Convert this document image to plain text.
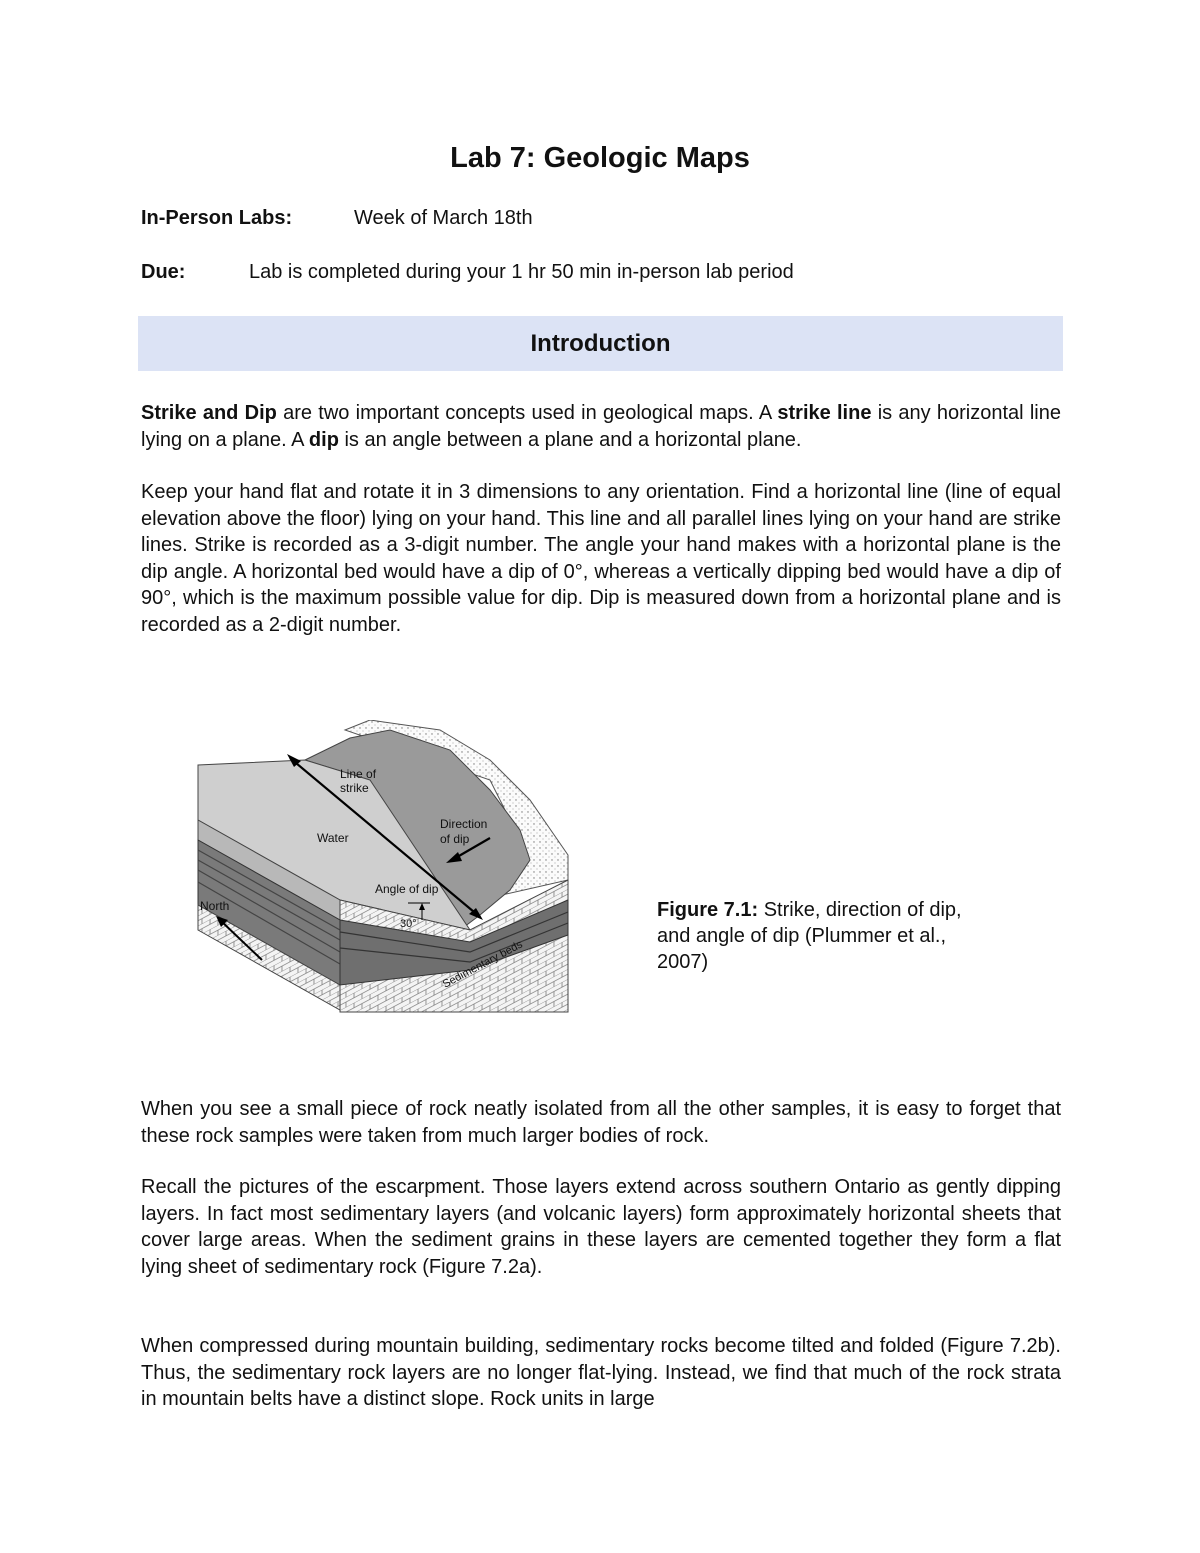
Lab 7: Geologic Maps
In-Person Labs:	Week of March 18th
Due:	Lab is completed during your 1 hr 50 min in-person lab period
Introduction

Strike and Dip are two important concepts used in geological maps. A strike line is any horizontal line lying on a plane. A dip is an angle between a plane and a horizontal plane.

Keep your hand flat and rotate it in 3 dimensions to any orientation. Find a horizontal line (line of equal elevation above the floor) lying on your hand. This line and all parallel lines lying on your hand are strike lines. Strike is recorded as a 3-digit number. The angle your hand makes with a horizontal plane is the dip angle. A horizontal bed would have a dip of 0°, whereas a vertically dipping bed would have a dip of 90°, which is the maximum possible value for dip. Dip is measured down from a horizontal plane and is recorded as a 2-digit number.

Line of
strike
Water
Direction
of dip
Angle of dip
30°
North
Sedimentary beds

Figure 7.1: Strike, direction of dip, and angle of dip (Plummer et al., 2007)

When you see a small piece of rock neatly isolated from all the other samples, it is easy to forget that these rock samples were taken from much larger bodies of rock.

Recall the pictures of the escarpment. Those layers extend across southern Ontario as gently dipping layers. In fact most sedimentary layers (and volcanic layers) form approximately horizontal sheets that cover large areas. When the sediment grains in these layers are cemented together they form a flat lying sheet of sedimentary rock (Figure 7.2a).

When compressed during mountain building, sedimentary rocks become tilted and folded (Figure 7.2b). Thus, the sedimentary rock layers are no longer flat-lying. Instead, we find that much of the rock strata in mountain belts have a distinct slope. Rock units in large
